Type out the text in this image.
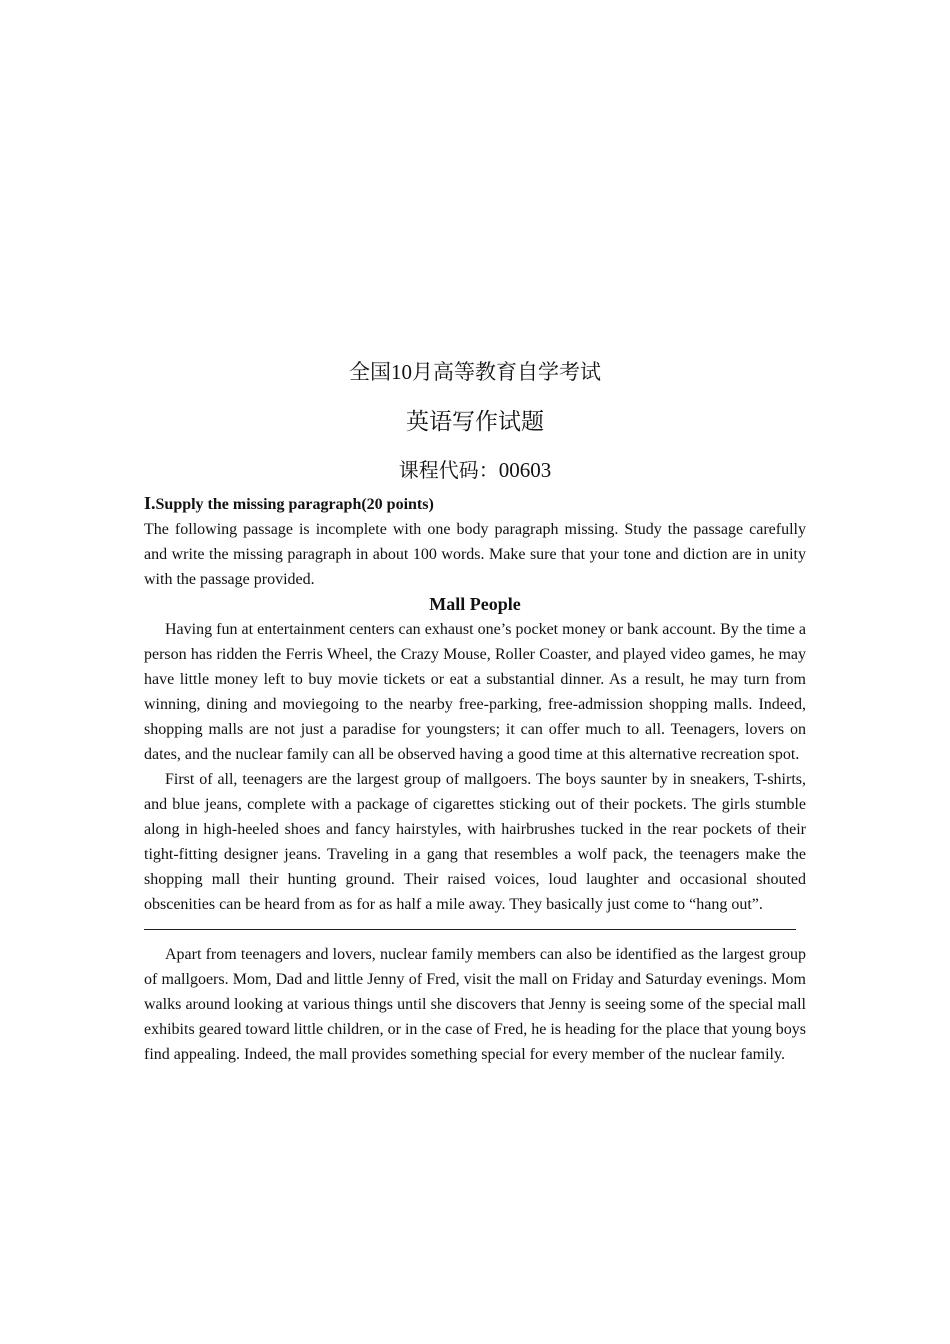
全国10月高等教育自学考试

英语写作试题

课程代码：00603

I.Supply the missing paragraph(20 points)

The following passage is incomplete with one body paragraph missing. Study the passage carefully and write the missing paragraph in about 100 words. Make sure that your tone and diction are in unity with the passage provided.

Mall People

Having fun at entertainment centers can exhaust one’s pocket money or bank account. By the time a person has ridden the Ferris Wheel, the Crazy Mouse, Roller Coaster, and played video games, he may have little money left to buy movie tickets or eat a substantial dinner. As a result, he may turn from winning, dining and moviegoing to the nearby free-parking, free-admission shopping malls. Indeed, shopping malls are not just a paradise for youngsters; it can offer much to all. Teenagers, lovers on dates, and the nuclear family can all be observed having a good time at this alternative recreation spot.

First of all, teenagers are the largest group of mallgoers. The boys saunter by in sneakers, T-shirts, and blue jeans, complete with a package of cigarettes sticking out of their pockets. The girls stumble along in high-heeled shoes and fancy hairstyles, with hairbrushes tucked in the rear pockets of their tight-fitting designer jeans. Traveling in a gang that resembles a wolf pack, the teenagers make the shopping mall their hunting ground. Their raised voices, loud laughter and occasional shouted obscenities can be heard from as for as half a mile away. They basically just come to “hang out”.

Apart from teenagers and lovers, nuclear family members can also be identified as the largest group of mallgoers. Mom, Dad and little Jenny of Fred, visit the mall on Friday and Saturday evenings. Mom walks around looking at various things until she discovers that Jenny is seeing some of the special mall exhibits geared toward little children, or in the case of Fred, he is heading for the place that young boys find appealing. Indeed, the mall provides something special for every member of the nuclear family.
